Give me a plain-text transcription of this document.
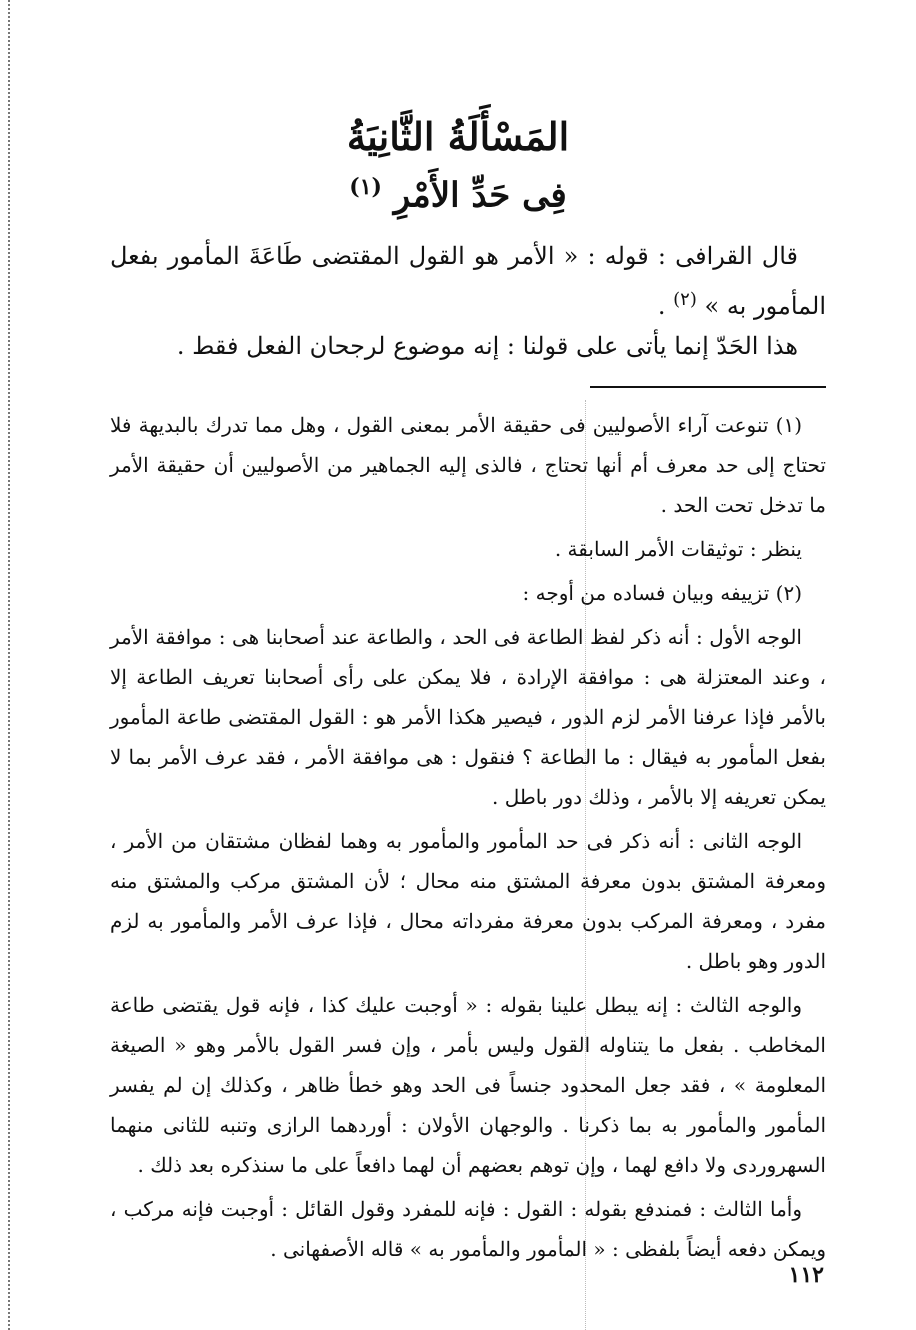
المَسْأَلَةُ الثَّانِيَةُ
فِى حَدِّ الأَمْرِ $^{(١)}$
قال القرافى : قوله : « الأمر هو القول المقتضى طَاعَةَ المأمور بفعل المأمور به » $^{(٢)}$ .
هذا الحَدّ إنما يأتى على قولنا : إنه موضوع لرجحان الفعل فقط .

(١) تنوعت آراء الأصوليين فى حقيقة الأمر بمعنى القول ، وهل مما تدرك بالبديهة فلا تحتاج إلى حد معرف أم أنها تحتاج ، فالذى إليه الجماهير من الأصوليين أن حقيقة الأمر ما تدخل تحت الحد .

ينظر : توثيقات الأمر السابقة .

(٢) تزييفه وبيان فساده من أوجه :

الوجه الأول : أنه ذكر لفظ الطاعة فى الحد ، والطاعة عند أصحابنا هى : موافقة الأمر ، وعند المعتزلة هى : موافقة الإرادة ، فلا يمكن على رأى أصحابنا تعريف الطاعة إلا بالأمر فإذا عرفنا الأمر لزم الدور ، فيصير هكذا الأمر هو : القول المقتضى طاعة المأمور بفعل المأمور به فيقال : ما الطاعة ؟ فنقول : هى موافقة الأمر ، فقد عرف الأمر بما لا يمكن تعريفه إلا بالأمر ، وذلك دور باطل .

الوجه الثانى : أنه ذكر فى حد المأمور والمأمور به وهما لفظان مشتقان من الأمر ، ومعرفة المشتق بدون معرفة المشتق منه محال ؛ لأن المشتق مركب والمشتق منه مفرد ، ومعرفة المركب بدون معرفة مفرداته محال ، فإذا عرف الأمر والمأمور به لزم الدور وهو باطل .

والوجه الثالث : إنه يبطل علينا بقوله : « أوجبت عليك كذا ، فإنه قول يقتضى طاعة المخاطب . بفعل ما يتناوله القول وليس بأمر ، وإن فسر القول بالأمر وهو « الصيغة المعلومة » ، فقد جعل المحدود جنساً فى الحد وهو خطأ ظاهر ، وكذلك إن لم يفسر المأمور والمأمور به بما ذكرنا . والوجهان الأولان : أوردهما الرازى وتنبه للثانى منهما السهروردى ولا دافع لهما ، وإن توهم بعضهم أن لهما دافعاً على ما سنذكره بعد ذلك .

وأما الثالث : فمندفع بقوله : القول : فإنه للمفرد وقول القائل : أوجبت فإنه مركب ، ويمكن دفعه أيضاً بلفظى : « المأمور والمأمور به » قاله الأصفهانى .

١١٢
